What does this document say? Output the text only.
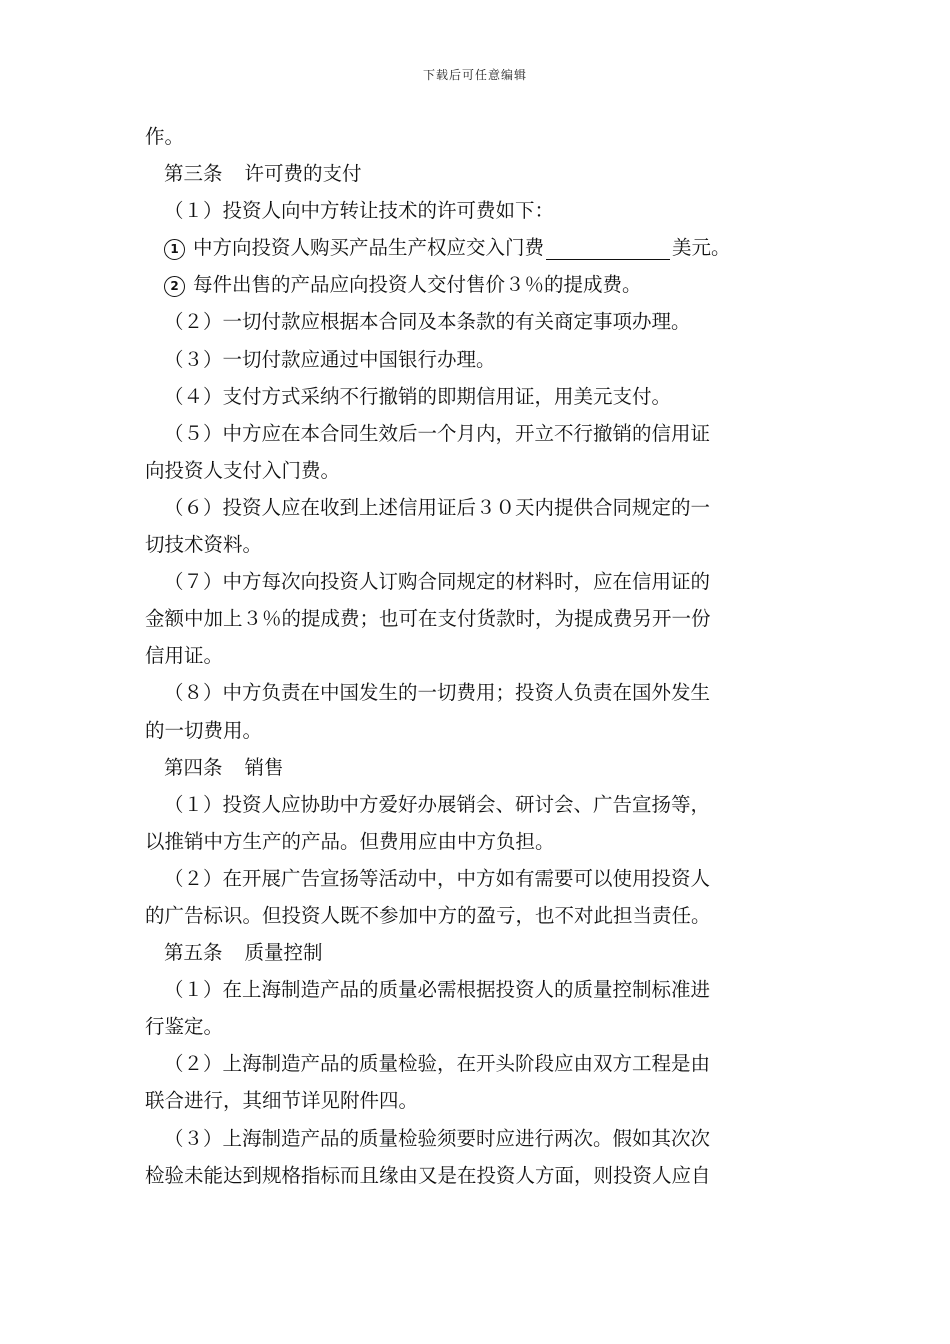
下载后可任意编辑
作。
第三条 许可费的支付
（１）投资人向中方转让技术的许可费如下：
1 中方向投资人购买产品生产权应交入门费	美元。
2 每件出售的产品应向投资人交付售价３％的提成费。
（２）一切付款应根据本合同及本条款的有关商定事项办理。
（３）一切付款应通过中国银行办理。
（４）支付方式采纳不行撤销的即期信用证，用美元支付。
（５）中方应在本合同生效后一个月内，开立不行撤销的信用证
向投资人支付入门费。
（６）投资人应在收到上述信用证后３０天内提供合同规定的一
切技术资料。
（７）中方每次向投资人订购合同规定的材料时，应在信用证的
金额中加上３％的提成费；也可在支付货款时，为提成费另开一份
信用证。
（８）中方负责在中国发生的一切费用；投资人负责在国外发生
的一切费用。
第四条 销售
（１）投资人应协助中方爱好办展销会、研讨会、广告宣扬等，
以推销中方生产的产品。但费用应由中方负担。
（２）在开展广告宣扬等活动中，中方如有需要可以使用投资人
的广告标识。但投资人既不参加中方的盈亏，也不对此担当责任。
第五条 质量控制
（１）在上海制造产品的质量必需根据投资人的质量控制标准进
行鉴定。
（２）上海制造产品的质量检验，在开头阶段应由双方工程是由
联合进行，其细节详见附件四。
（３）上海制造产品的质量检验须要时应进行两次。假如其次次
检验未能达到规格指标而且缘由又是在投资人方面，则投资人应自
